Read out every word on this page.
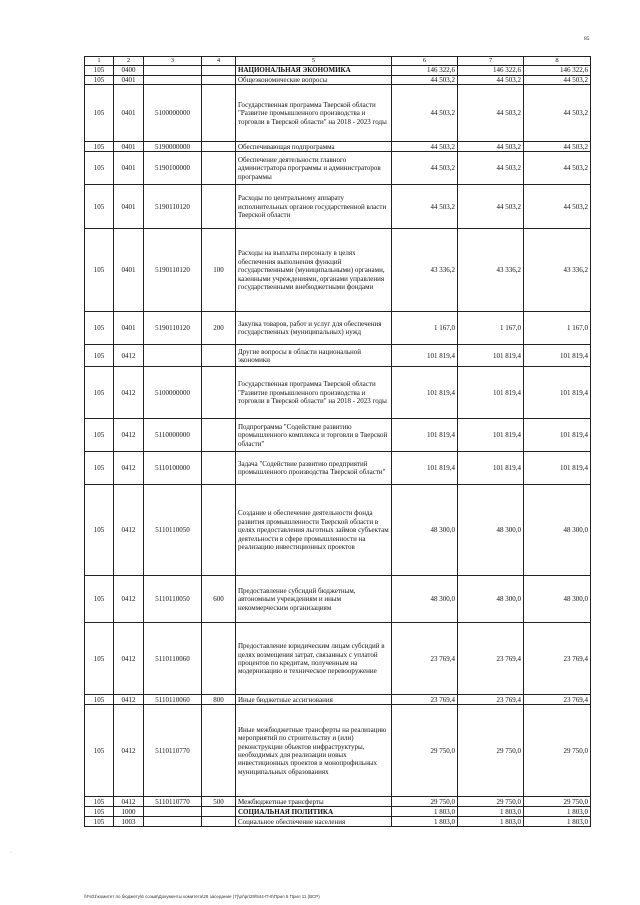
85
1	2	3	4	5	6	7	8
105	0400			НАЦИОНАЛЬНАЯ ЭКОНОМИКА	146 322,6	146 322,6	146 322,6
105	0401			Общеэкономические вопросы	44 503,2	44 503,2	44 503,2
105	0401	5100000000		Государственная программа Тверской области "Развитие промышленного производства и торговли в Тверской области" на 2018 - 2023 годы	44 503,2	44 503,2	44 503,2
105	0401	5190000000		Обеспечивающая подпрограмма	44 503,2	44 503,2	44 503,2
105	0401	5190100000		Обеспечение деятельности главного администратора программы и администраторов программы	44 503,2	44 503,2	44 503,2
105	0401	5190110120		Расходы по центральному аппарату исполнительных органов государственной власти Тверской области	44 503,2	44 503,2	44 503,2
105	0401	5190110120	100	Расходы на выплаты персоналу в целях обеспечения выполнения функций государственными (муниципальными) органами, казенными учреждениями, органами управления государственными внебюджетными фондами	43 336,2	43 336,2	43 336,2
105	0401	5190110120	200	Закупка товаров, работ и услуг для обеспечения государственных (муниципальных) нужд	1 167,0	1 167,0	1 167,0
105	0412			Другие вопросы в области национальной экономики	101 819,4	101 819,4	101 819,4
105	0412	5100000000		Государственная программа Тверской области "Развитие промышленного производства и торговли в Тверской области" на 2018 - 2023 годы	101 819,4	101 819,4	101 819,4
105	0412	5110000000		Подпрограмма "Содействие развитию промышленного комплекса и торговли в Тверской области"	101 819,4	101 819,4	101 819,4
105	0412	5110100000		Задача "Содействие развитию предприятий промышленного производства Тверской области"	101 819,4	101 819,4	101 819,4
105	0412	5110110050		Создание и обеспечение деятельности фонда развития промышленности Тверской области в целях предоставления льготных займов субъектам деятельности в сфере промышленности на реализацию инвестиционных проектов	48 300,0	48 300,0	48 300,0
105	0412	5110110050	600	Предоставление субсидий бюджетным, автономным учреждениям и иным некоммерческим организациям	48 300,0	48 300,0	48 300,0
105	0412	5110110060		Предоставление юридическим лицам субсидий в целях возмещения затрат, связанных с уплатой процентов по кредитам, полученным на модернизацию и техническое перевооружение	23 769,4	23 769,4	23 769,4
105	0412	5110110060	800	Иные бюджетные ассигнования	23 769,4	23 769,4	23 769,4
105	0412	5110110770		Иные межбюджетные трансферты на реализацию мероприятий по строительству и (или) реконструкции объектов инфраструктуры, необходимых для реализации новых инвестиционных проектов в монопрофильных муниципальных образованиях	29 750,0	29 750,0	29 750,0
105	0412	5110110770	500	Межбюджетные трансферты	29 750,0	29 750,0	29 750,0
105	1000			СОЦИАЛЬНАЯ ПОЛИТИКА	1 803,0	1 803,0	1 803,0
105	1003			Социальное обеспечение населения	1 803,0	1 803,0	1 803,0
·
\\Fs01\комитет по бюджету\6 созыв\Документы комитета\28 заседание (7)\pr\pr\28\544-П-6\Прил 5 Прил 11 (ВСР)
